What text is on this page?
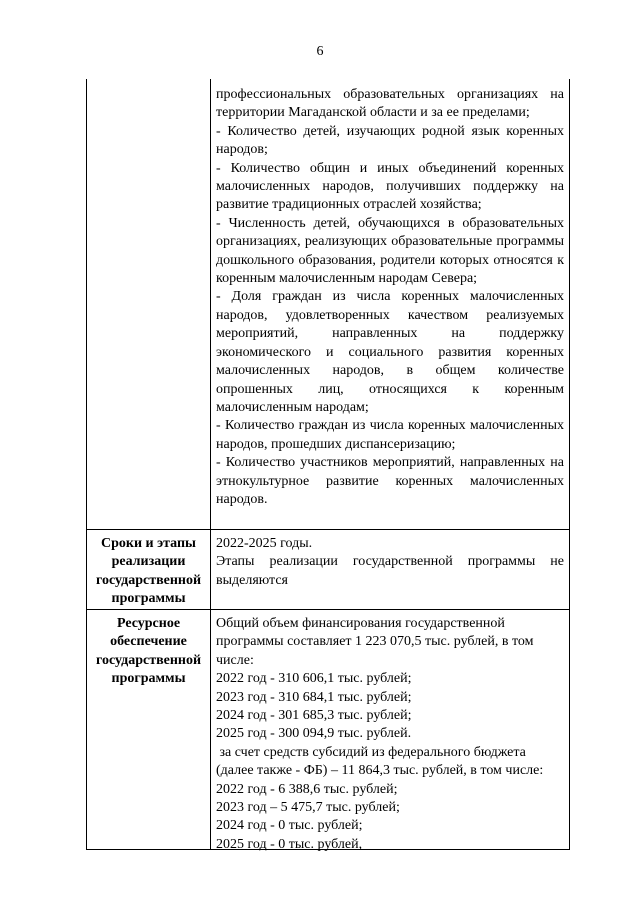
6

профессиональных образовательных организациях на территории Магаданской области и за ее пределами;

- Количество детей, изучающих родной язык коренных народов;

- Количество общин и иных объединений коренных малочисленных народов, получивших поддержку на развитие традиционных отраслей хозяйства;

- Численность детей, обучающихся в образовательных организациях, реализующих образовательные программы дошкольного образования, родители которых относятся к коренным малочисленным народам Севера;

- Доля граждан из числа коренных малочисленных народов, удовлетворенных качеством реализуемых мероприятий, направленных на поддержку экономического и социального развития коренных малочисленных народов, в общем количестве опрошенных лиц, относящихся к коренным малочисленным народам;

- Количество граждан из числа коренных малочисленных народов, прошедших диспансеризацию;

- Количество участников мероприятий, направленных на этнокультурное развитие коренных малочисленных народов.

Сроки и этапы реализации государственной программы
2022-2025 годы.
Этапы реализации государственной программы не выделяются
Ресурсное обеспечение государственной программы
Общий объем финансирования государственной программы составляет 1 223 070,5 тыс. рублей, в том числе:
2022 год - 310 606,1 тыс. рублей;
2023 год - 310 684,1 тыс. рублей;
2024 год - 301 685,3 тыс. рублей;
2025 год - 300 094,9 тыс. рублей.
за счет средств субсидий из федерального бюджета (далее также - ФБ) – 11 864,3 тыс. рублей, в том числе:
2022 год - 6 388,6 тыс. рублей;
2023 год – 5 475,7 тыс. рублей;
2024 год - 0 тыс. рублей;
2025 год - 0 тыс. рублей,
